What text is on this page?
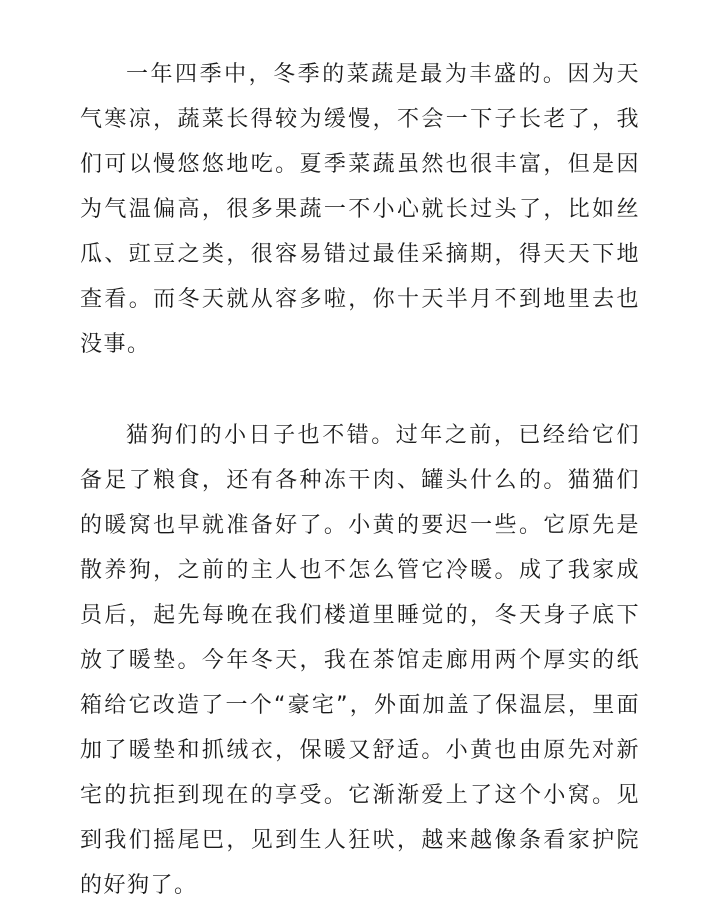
一年四季中，冬季的菜蔬是最为丰盛的。因为天气寒凉，蔬菜长得较为缓慢，不会一下子长老了，我们可以慢悠悠地吃。夏季菜蔬虽然也很丰富，但是因为气温偏高，很多果蔬一不小心就长过头了，比如丝瓜、豇豆之类，很容易错过最佳采摘期，得天天下地查看。而冬天就从容多啦，你十天半月不到地里去也没事。

猫狗们的小日子也不错。过年之前，已经给它们备足了粮食，还有各种冻干肉、罐头什么的。猫猫们的暖窝也早就准备好了。小黄的要迟一些。它原先是散养狗，之前的主人也不怎么管它冷暖。成了我家成员后，起先每晚在我们楼道里睡觉的，冬天身子底下放了暖垫。今年冬天，我在茶馆走廊用两个厚实的纸箱给它改造了一个“豪宅”，外面加盖了保温层，里面加了暖垫和抓绒衣，保暖又舒适。小黄也由原先对新宅的抗拒到现在的享受。它渐渐爱上了这个小窝。见到我们摇尾巴，见到生人狂吠，越来越像条看家护院的好狗了。
